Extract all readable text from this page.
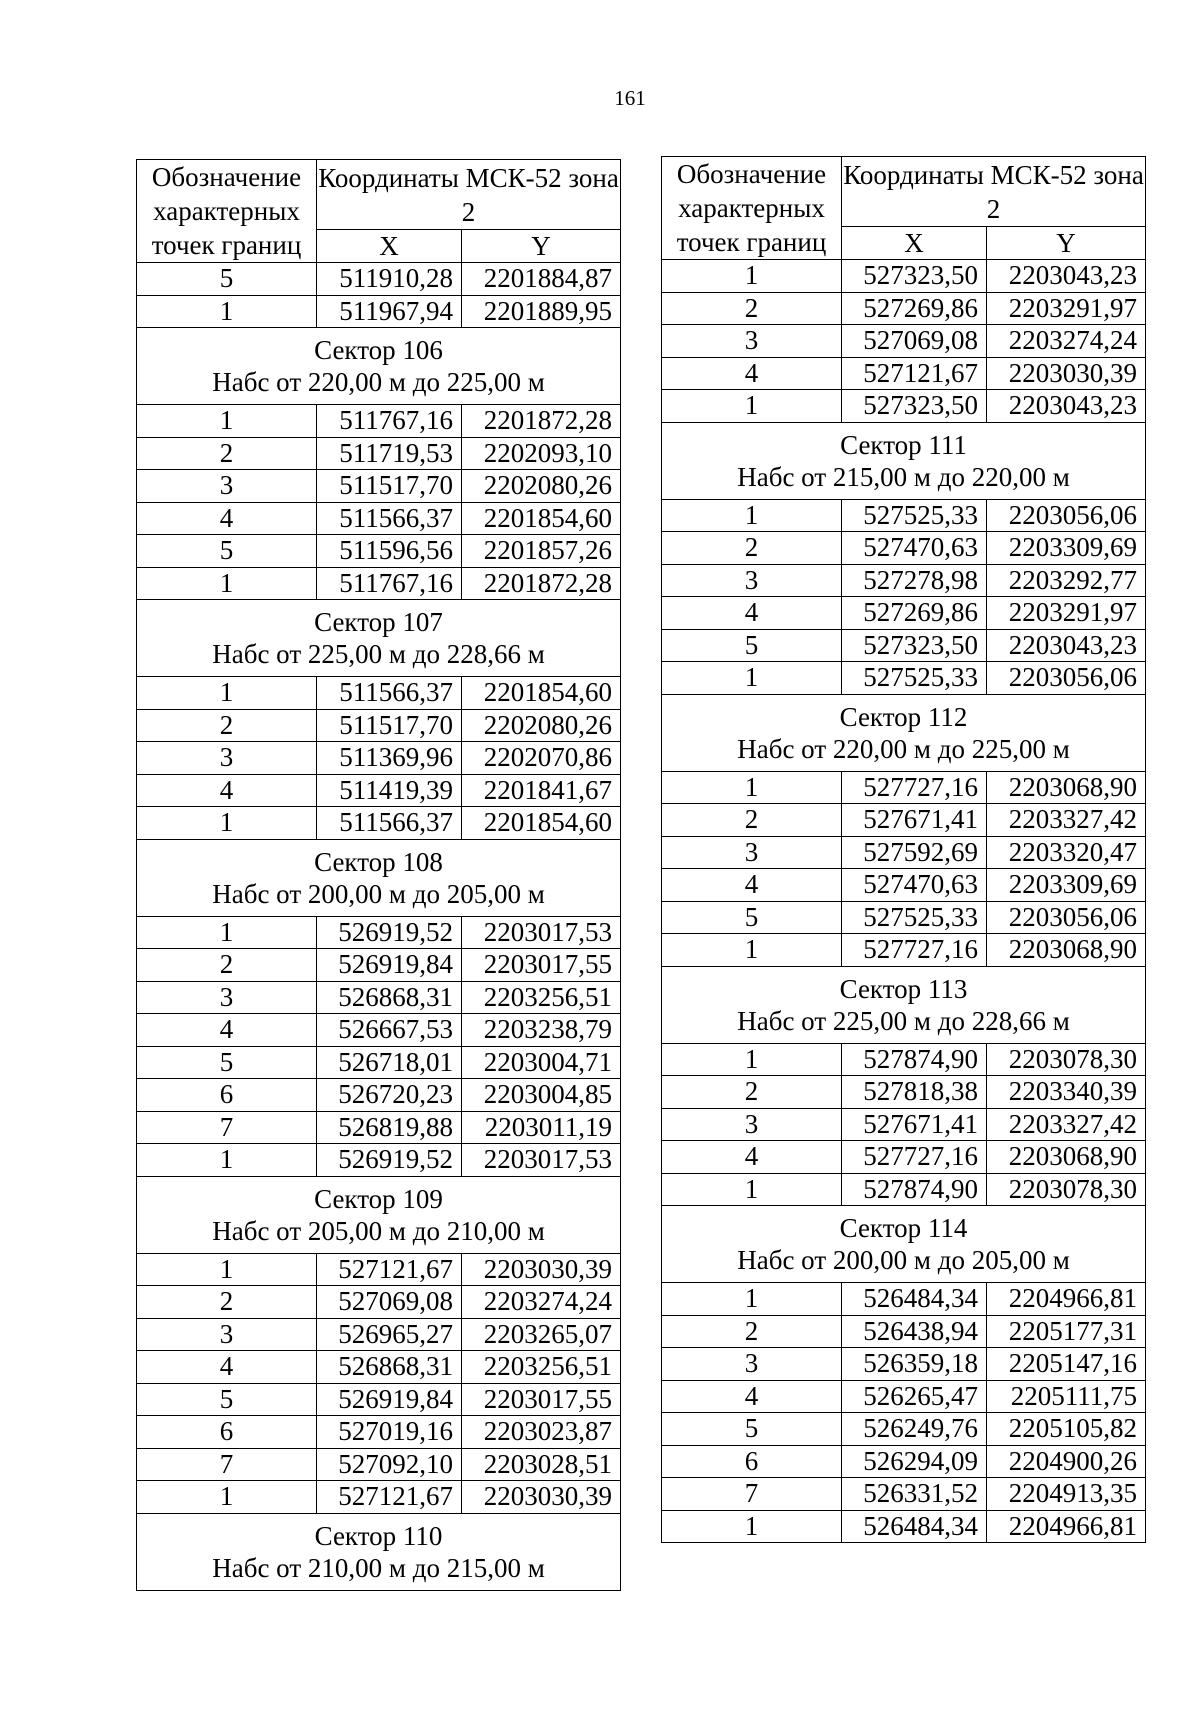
161
Обозначение характерных точек границ	Координаты МСК-52 зона 2	
	X	Y
5	511910,28	2201884,87
1	511967,94	2201889,95

Сектор 106
Набс от 220,00 м до 225,00 м		

1	511767,16	2201872,28
2	511719,53	2202093,10
3	511517,70	2202080,26
4	511566,37	2201854,60
5	511596,56	2201857,26
1	511767,16	2201872,28

Сектор 107
Набс от 225,00 м до 228,66 м		

1	511566,37	2201854,60
2	511517,70	2202080,26
3	511369,96	2202070,86
4	511419,39	2201841,67
1	511566,37	2201854,60

Сектор 108
Набс от 200,00 м до 205,00 м		

1	526919,52	2203017,53
2	526919,84	2203017,55
3	526868,31	2203256,51
4	526667,53	2203238,79
5	526718,01	2203004,71
6	526720,23	2203004,85
7	526819,88	2203011,19
1	526919,52	2203017,53

Сектор 109
Набс от 205,00 м до 210,00 м		

1	527121,67	2203030,39
2	527069,08	2203274,24
3	526965,27	2203265,07
4	526868,31	2203256,51
5	526919,84	2203017,55
6	527019,16	2203023,87
7	527092,10	2203028,51
1	527121,67	2203030,39

Сектор 110
Набс от 210,00 м до 215,00 м		
Обозначение характерных точек границ	Координаты МСК-52 зона 2	
	X	Y
1	527323,50	2203043,23
2	527269,86	2203291,97
3	527069,08	2203274,24
4	527121,67	2203030,39
1	527323,50	2203043,23

Сектор 111
Набс от 215,00 м до 220,00 м		

1	527525,33	2203056,06
2	527470,63	2203309,69
3	527278,98	2203292,77
4	527269,86	2203291,97
5	527323,50	2203043,23
1	527525,33	2203056,06

Сектор 112
Набс от 220,00 м до 225,00 м		

1	527727,16	2203068,90
2	527671,41	2203327,42
3	527592,69	2203320,47
4	527470,63	2203309,69
5	527525,33	2203056,06
1	527727,16	2203068,90

Сектор 113
Набс от 225,00 м до 228,66 м		

1	527874,90	2203078,30
2	527818,38	2203340,39
3	527671,41	2203327,42
4	527727,16	2203068,90
1	527874,90	2203078,30

Сектор 114
Набс от 200,00 м до 205,00 м		

1	526484,34	2204966,81
2	526438,94	2205177,31
3	526359,18	2205147,16
4	526265,47	2205111,75
5	526249,76	2205105,82
6	526294,09	2204900,26
7	526331,52	2204913,35
1	526484,34	2204966,81
